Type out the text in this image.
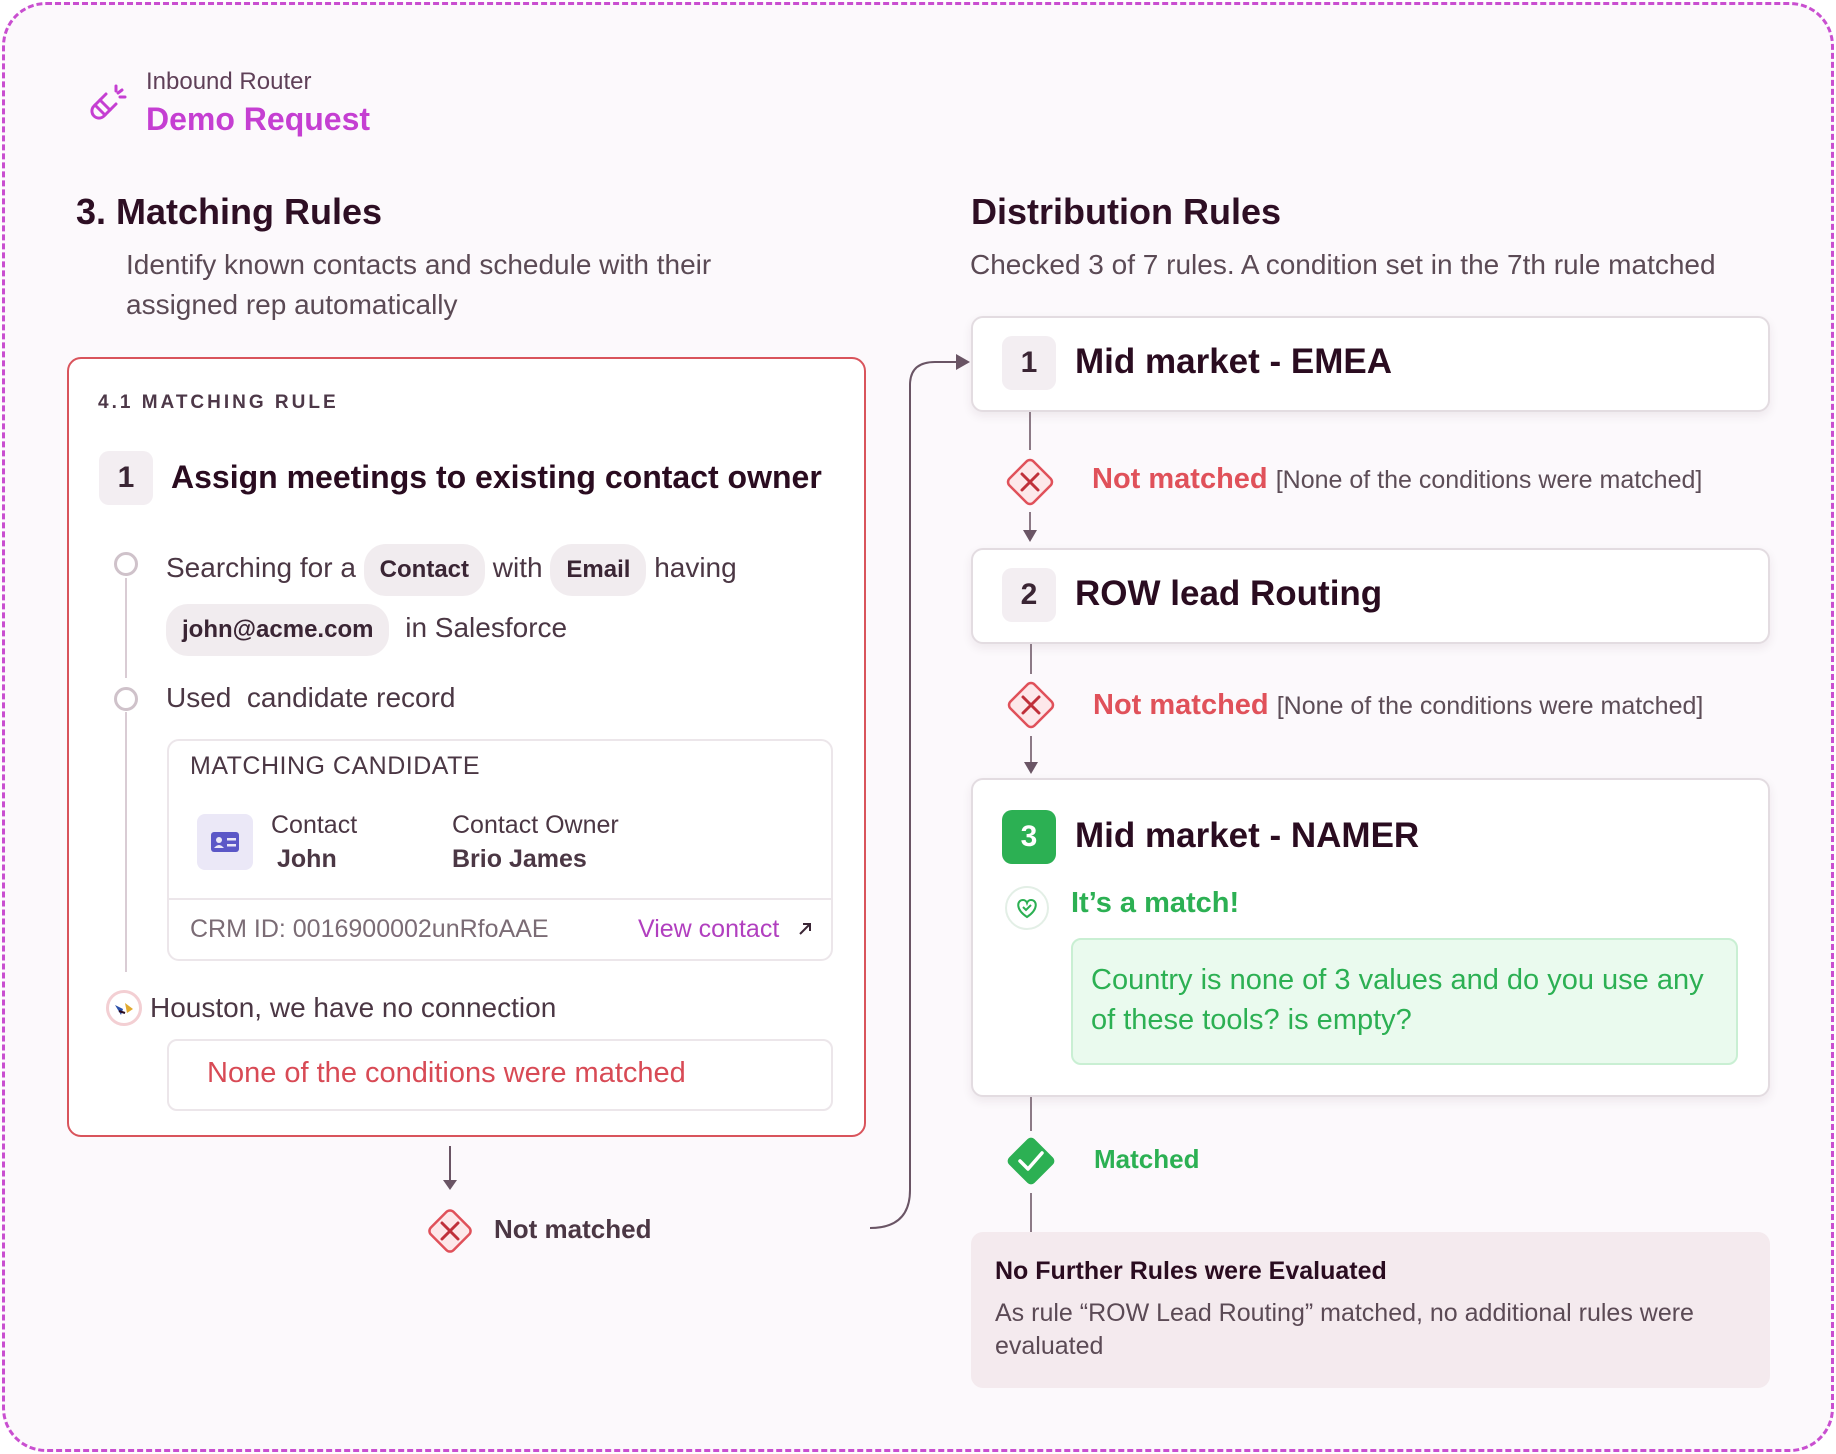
Inbound Router
Demo Request
3. Matching Rules
Identify known contacts and schedule with their
assigned rep automatically
4.1 MATCHING RULE
1	Assign meetings to existing contact owner
Searching for a Contact with Email having
john@acme.com in Salesforce
Used  candidate record
MATCHING CANDIDATE
Contact
John
Contact Owner
Brio James
CRM ID: 0016900002unRfoAAE	View contact
Houston, we have no connection
None of the conditions were matched
Not matched
Distribution Rules
Checked 3 of 7 rules. A condition set in the 7th rule matched
1	Mid market - EMEA
Not matched [None of the conditions were matched]
2	ROW lead Routing
Not matched [None of the conditions were matched]
3	Mid market - NAMER
It’s a match!
Country is none of 3 values and do you use any of these tools? is empty?
Matched
No Further Rules were Evaluated
As rule “ROW Lead Routing” matched, no additional rules were evaluated
